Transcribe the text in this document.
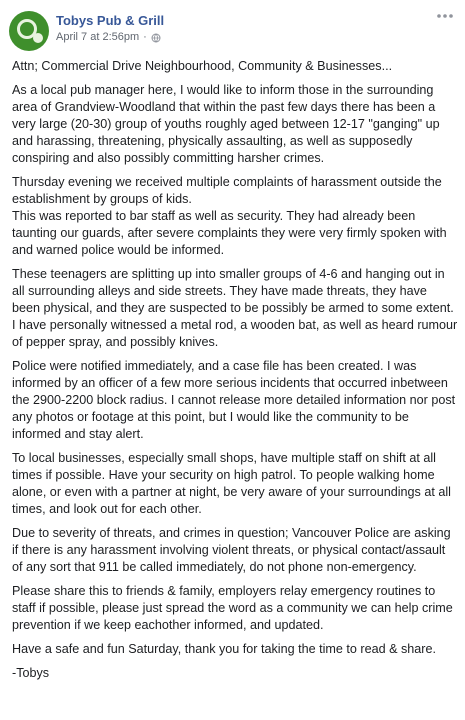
Tobys Pub & Grill
April 7 at 2:56pm ·

Attn; Commercial Drive Neighbourhood, Community & Businesses...

As a local pub manager here, I would like to inform those in the surrounding area of Grandview-Woodland that within the past few days there has been a very large (20-30) group of youths roughly aged between 12-17 "ganging" up and harassing, threatening, physically assaulting, as well as supposedly conspiring and also possibly committing harsher crimes.

Thursday evening we received multiple complaints of harassment outside the establishment by groups of kids.
This was reported to bar staff as well as security. They had already been taunting our guards, after severe complaints they were very firmly spoken with and warned police would be informed.

These teenagers are splitting up into smaller groups of 4-6 and hanging out in all surrounding alleys and side streets. They have made threats, they have been physical, and they are suspected to be possibly be armed to some extent. I have personally witnessed a metal rod, a wooden bat, as well as heard rumour of pepper spray, and possibly knives.

Police were notified immediately, and a case file has been created. I was informed by an officer of a few more serious incidents that occurred inbetween the 2900-2200 block radius. I cannot release more detailed information nor post any photos or footage at this point, but I would like the community to be informed and stay alert.

To local businesses, especially small shops, have multiple staff on shift at all times if possible. Have your security on high patrol. To people walking home alone, or even with a partner at night, be very aware of your surroundings at all times, and look out for each other.

Due to severity of threats, and crimes in question; Vancouver Police are asking if there is any harassment involving violent threats, or physical contact/assault of any sort that 911 be called immediately, do not phone non-emergency.

Please share this to friends & family, employers relay emergency routines to staff if possible, please just spread the word as a community we can help crime prevention if we keep eachother informed, and updated.

Have a safe and fun Saturday, thank you for taking the time to read & share.

-Tobys
